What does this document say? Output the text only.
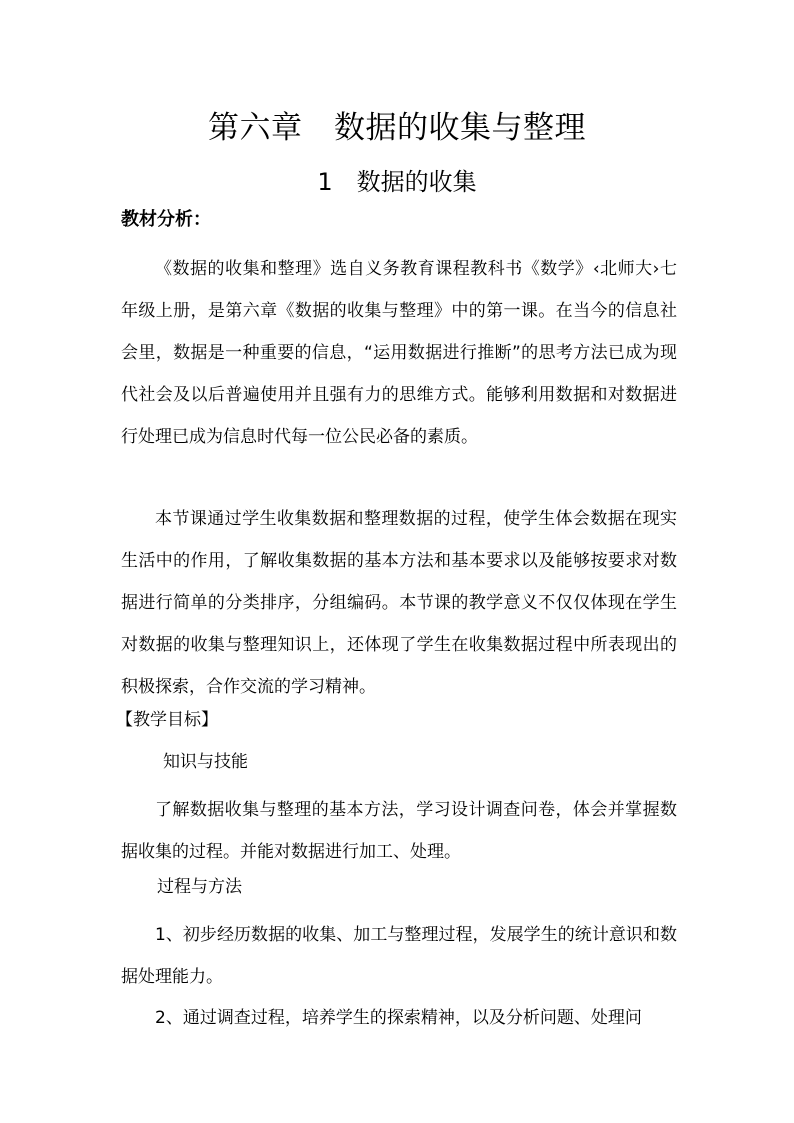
第六章　数据的收集与整理
1　数据的收集
教材分析：

《数据的收集和整理》选自义务教育课程教科书《数学》‹北师大›七年级上册，是第六章《数据的收集与整理》中的第一课。在当今的信息社会里，数据是一种重要的信息，“运用数据进行推断”的思考方法已成为现代社会及以后普遍使用并且强有力的思维方式。能够利用数据和对数据进行处理已成为信息时代每一位公民必备的素质。

本节课通过学生收集数据和整理数据的过程，使学生体会数据在现实生活中的作用，了解收集数据的基本方法和基本要求以及能够按要求对数据进行简单的分类排序，分组编码。本节课的教学意义不仅仅体现在学生对数据的收集与整理知识上，还体现了学生在收集数据过程中所表现出的积极探索，合作交流的学习精神。

【教学目标】
知识与技能

了解数据收集与整理的基本方法，学习设计调查问卷，体会并掌握数据收集的过程。并能对数据进行加工、处理。

过程与方法

1、初步经历数据的收集、加工与整理过程，发展学生的统计意识和数据处理能力。

2、通过调查过程，培养学生的探索精神，以及分析问题、处理问
